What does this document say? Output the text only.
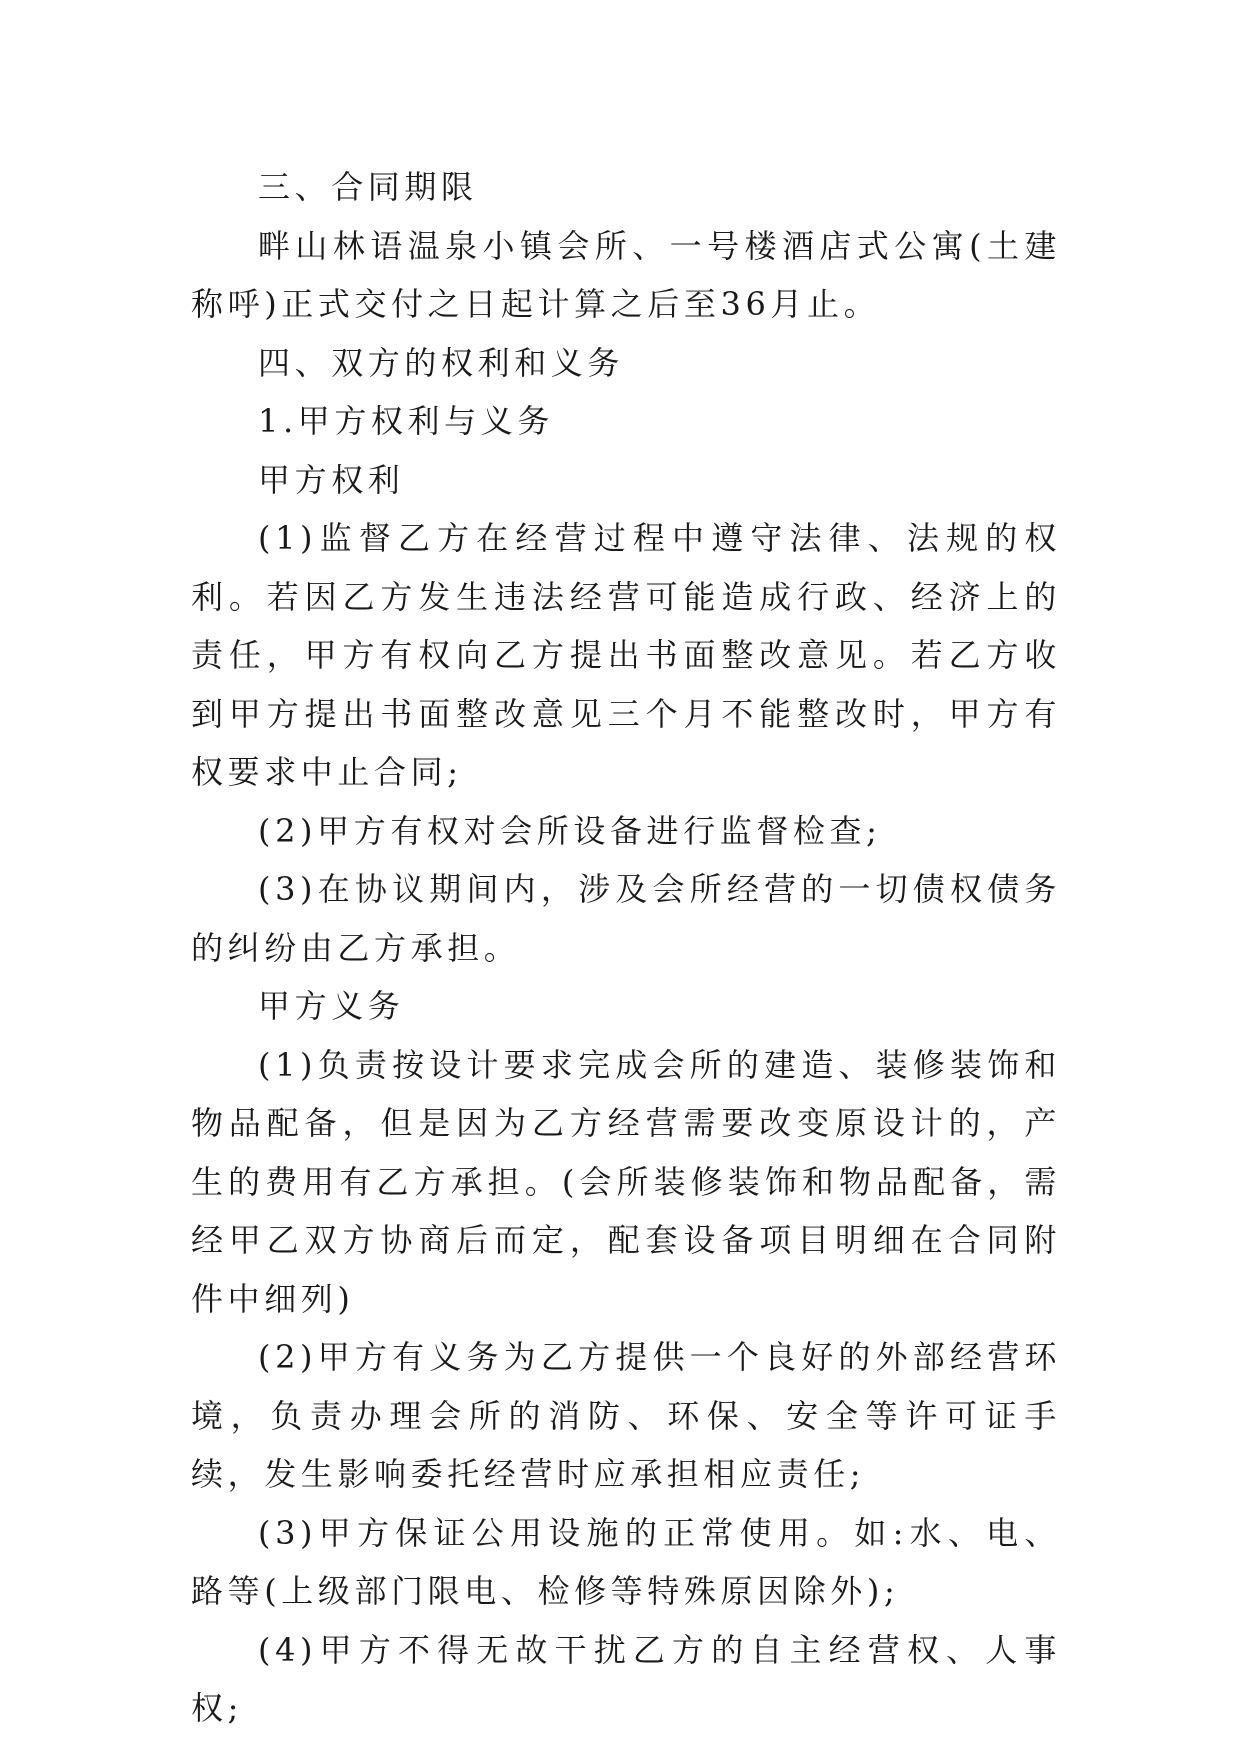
三、合同期限

畔山林语温泉小镇会所、一号楼酒店式公寓(土建称呼)正式交付之日起计算之后至36月止。

四、双方的权利和义务

1.甲方权利与义务

甲方权利

(1)监督乙方在经营过程中遵守法律、法规的权利。若因乙方发生违法经营可能造成行政、经济上的责任，甲方有权向乙方提出书面整改意见。若乙方收到甲方提出书面整改意见三个月不能整改时，甲方有权要求中止合同;

(2)甲方有权对会所设备进行监督检查;

(3)在协议期间内，涉及会所经营的一切债权债务的纠纷由乙方承担。

甲方义务

(1)负责按设计要求完成会所的建造、装修装饰和物品配备，但是因为乙方经营需要改变原设计的，产生的费用有乙方承担。(会所装修装饰和物品配备，需经甲乙双方协商后而定，配套设备项目明细在合同附件中细列)

(2)甲方有义务为乙方提供一个良好的外部经营环境，负责办理会所的消防、环保、安全等许可证手续，发生影响委托经营时应承担相应责任;

(3)甲方保证公用设施的正常使用。如:水、电、路等(上级部门限电、检修等特殊原因除外);

(4)甲方不得无故干扰乙方的自主经营权、人事权;
